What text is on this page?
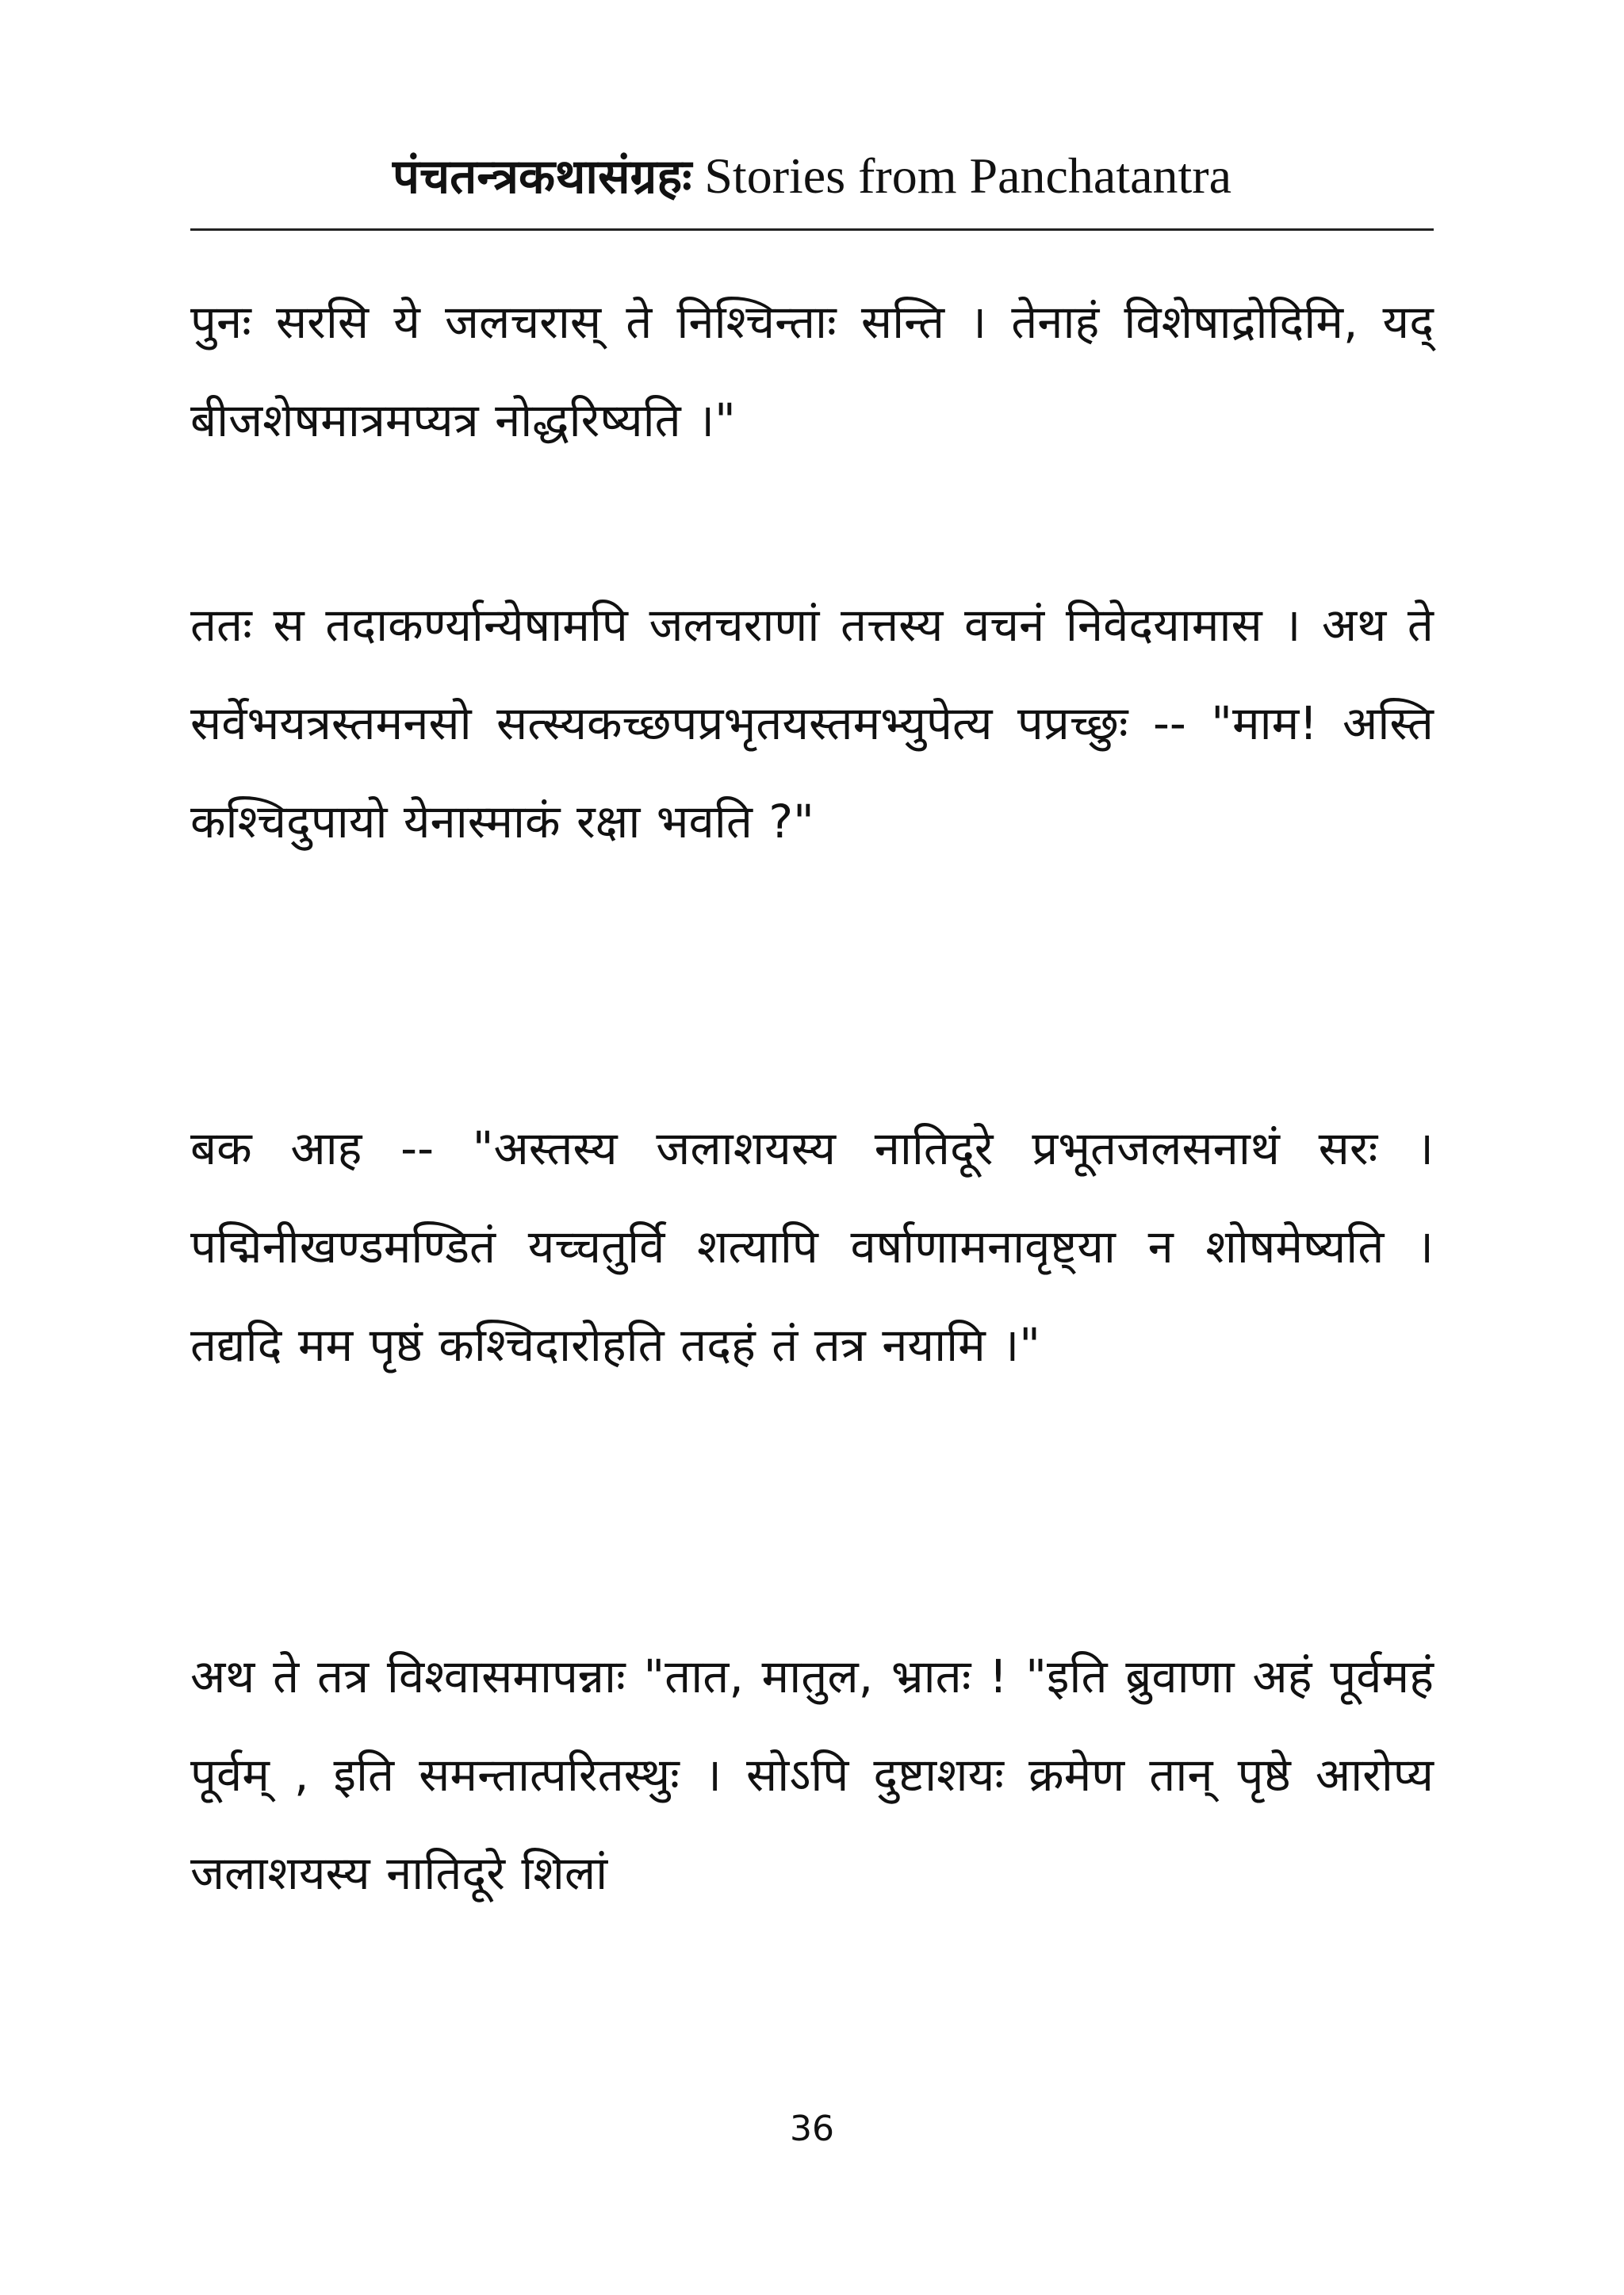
पंचतन्त्रकथासंग्रहः Stories from Panchatantra
पुनः सरसि ये जलचरास् ते निश्चिन्ताः सन्ति । तेनाहं विशेषाद्रोदिमि, यद् बीजशेषमात्रमप्यत्र नोद्धरिष्यति ।"
ततः स तदाकर्ण्यान्येषामपि जलचराणां तत्तस्य वचनं निवेदयामास । अथ ते सर्वेभयत्रस्तमनसो सत्स्यकच्छपप्रभृतयस्तमभ्युपेत्य पप्रच्छुः -- "माम! अस्ति कश्चिदुपायो येनास्माकं रक्षा भवति ?"
बक आह -- "अस्तस्य जलाशयस्य नातिदूरे प्रभूतजलसनाथं सरः । पद्मिनीखण्डमण्डितं यच्चतुर्वि शत्यापि वर्षाणामनावृष्ट्या न शोषमेष्यति । तद्यदि मम पृष्ठं कश्चिदारोहति तदहं तं तत्र नयामि ।"
अथ ते तत्र विश्वासमापन्नाः "तात, मातुल, भ्रातः ! "इति ब्रुवाणा अहं पूर्वमहं पूर्वम् , इति समन्तात्परितस्थुः । सोऽपि दुष्टाशयः क्रमेण तान् पृष्ठे आरोप्य जलाशयस्य नातिदूरे शिलां
36
